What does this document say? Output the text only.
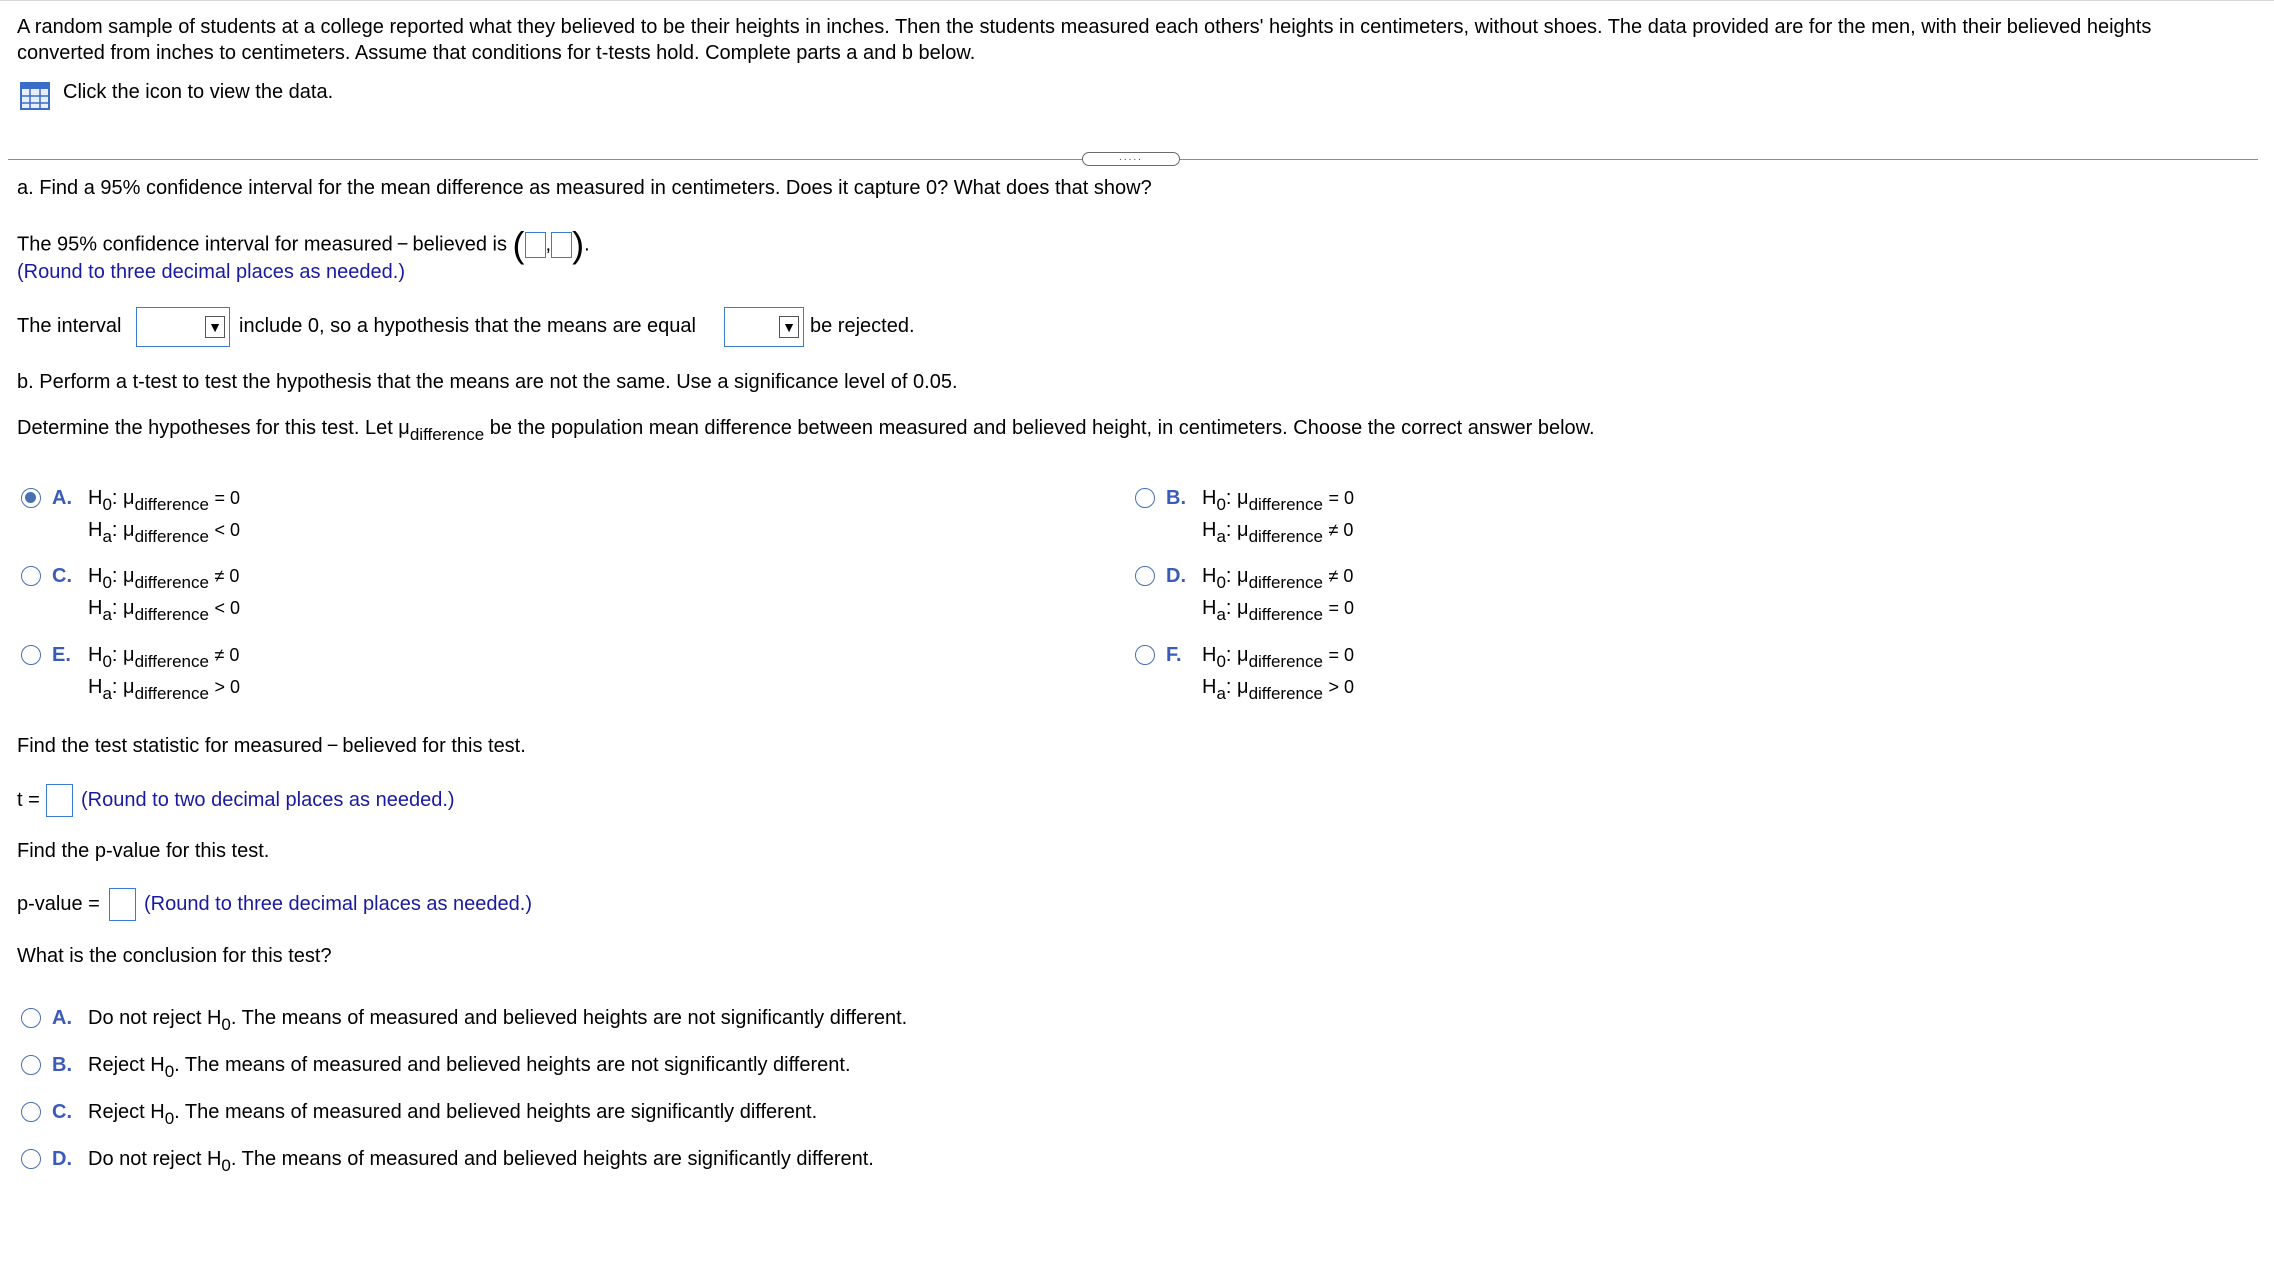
A random sample of students at a college reported what they believed to be their heights in inches. Then the students measured each others' heights in centimeters, without shoes. The data provided are for the men, with their believed heights
converted from inches to centimeters. Assume that conditions for t-tests hold. Complete parts a and b below.
Click the icon to view the data.
.....
a. Find a 95% confidence interval for the mean difference as measured in centimeters. Does it capture 0? What does that show?
The 95% confidence interval for measured − believed is ( , ).
(Round to three decimal places as needed.)
The interval	▼ include 0, so a hypothesis that the means are equal	▼ be rejected.
b. Perform a t-test to test the hypothesis that the means are not the same. Use a significance level of 0.05.
Determine the hypotheses for this test. Let $\mu_{difference}$ be the population mean difference between measured and believed height, in centimeters. Choose the correct answer below.
A. $H_0$: $\mu_{difference} = 0$
$H_a$: $\mu_{difference} < 0$
B. $H_0$: $\mu_{difference} = 0$
$H_a$: $\mu_{difference} \ne 0$
C. $H_0$: $\mu_{difference} \ne 0$
$H_a$: $\mu_{difference} < 0$
D. $H_0$: $\mu_{difference} \ne 0$
$H_a$: $\mu_{difference} = 0$
E. $H_0$: $\mu_{difference} \ne 0$
$H_a$: $\mu_{difference} > 0$
F. $H_0$: $\mu_{difference} = 0$
$H_a$: $\mu_{difference} > 0$
Find the test statistic for measured − believed for this test.
t = (Round to two decimal places as needed.)
Find the p-value for this test.
p-value = (Round to three decimal places as needed.)
What is the conclusion for this test?
A. Do not reject $H_0$. The means of measured and believed heights are not significantly different.
B. Reject $H_0$. The means of measured and believed heights are not significantly different.
C. Reject $H_0$. The means of measured and believed heights are significantly different.
D. Do not reject $H_0$. The means of measured and believed heights are significantly different.
